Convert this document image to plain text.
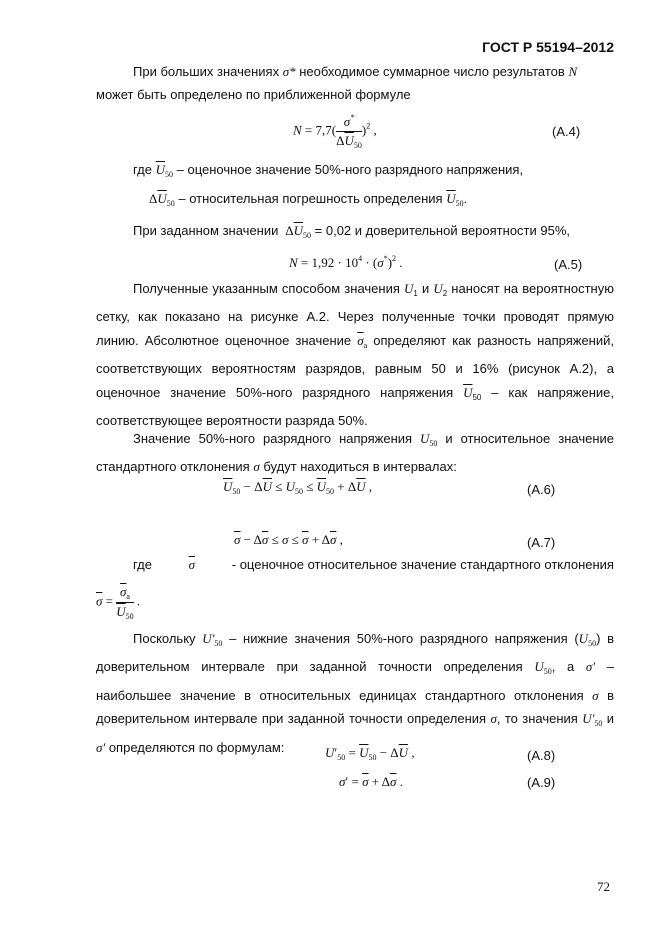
ГОСТ Р 55194–2012
При больших значениях σ* необходимое суммарное число результатов N
может быть определено по приближенной формуле
$N = 7,7( \frac{\sigma^*}{\Delta\overline{U}_{50}} )^2$ ,	(А.4)
где $\overline{U}_{50}$ – оценочное значение 50%-ного разрядного напряжения,
$\Delta\overline{U}_{50}$ – относительная погрешность определения $\overline{U}_{50}$.
При заданном значении  $\Delta\overline{U}_{50} = 0,02$ и доверительной вероятности 95%,
$N = 1,92 \cdot 10^4 \cdot (\sigma^*)^2$ .	(А.5)
Полученные указанным способом значения $U_1$ и $U_2$ наносят на вероятностную сетку, как показано на рисунке А.2. Через полученные точки проводят прямую линию. Абсолютное оценочное значение $\overline{\sigma}_a$ определяют как разность напряжений, соответствующих вероятностям разрядов, равным 50 и 16% (рисунок А.2), а оценочное значение 50%-ного разрядного напряжения $\overline{U}_{50}$ – как напряжение, соответствующее вероятности разряда 50%.
Значение 50%-ного разрядного напряжения $U_{50}$ и относительное значение стандартного отклонения σ будут находиться в интервалах:
$\overline{U}_{50} - \Delta\overline{U} \le U_{50} \le \overline{U}_{50} + \Delta\overline{U}$ ,	(А.6)
$\overline{\sigma} - \Delta\overline{\sigma} \le \sigma \le \overline{\sigma} + \Delta\overline{\sigma}$ ,	(А.7)
где	$\overline{\sigma}$	- оценочное относительное значение стандартного отклонения
$\overline{\sigma} = \frac{\overline{\sigma}_a}{\overline{U}_{50}}$ .
Поскольку $U'_{50}$ – нижние значения 50%-ного разрядного напряжения $(U_{50})$ в доверительном интервале при заданной точности определения $U_{50}$, а σ' – наибольшее значение в относительных единицах стандартного отклонения σ в доверительном интервале при заданной точности определения σ, то значения $U'_{50}$ и σ' определяются по формулам:	$U'_{50} = \overline{U}_{50} - \Delta\overline{U}$ ,	(А.8)
$\sigma' = \overline{\sigma} + \Delta\overline{\sigma}$ .	(А.9)
72
